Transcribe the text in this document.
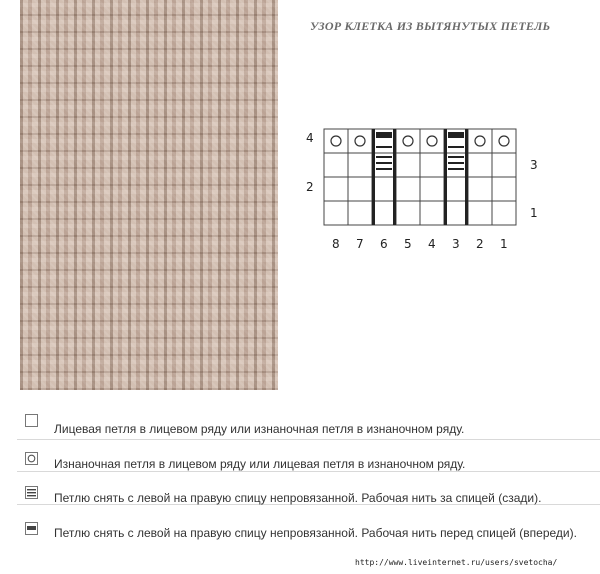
УЗОР КЛЕТКА ИЗ ВЫТЯНУТЫХ ПЕТЕЛЬ
4
3
2
1
8 7 6 5 4 3 2 1
Лицевая петля в лицевом ряду или изнаночная петля в изнаночном ряду.
Изнаночная петля в лицевом ряду или лицевая петля в изнаночном ряду.
Петлю снять с левой на правую спицу непровязанной. Рабочая нить за спицей (сзади).
Петлю снять с левой на правую спицу непровязанной. Рабочая нить перед спицей (впереди).
http://www.liveinternet.ru/users/svetocha/
